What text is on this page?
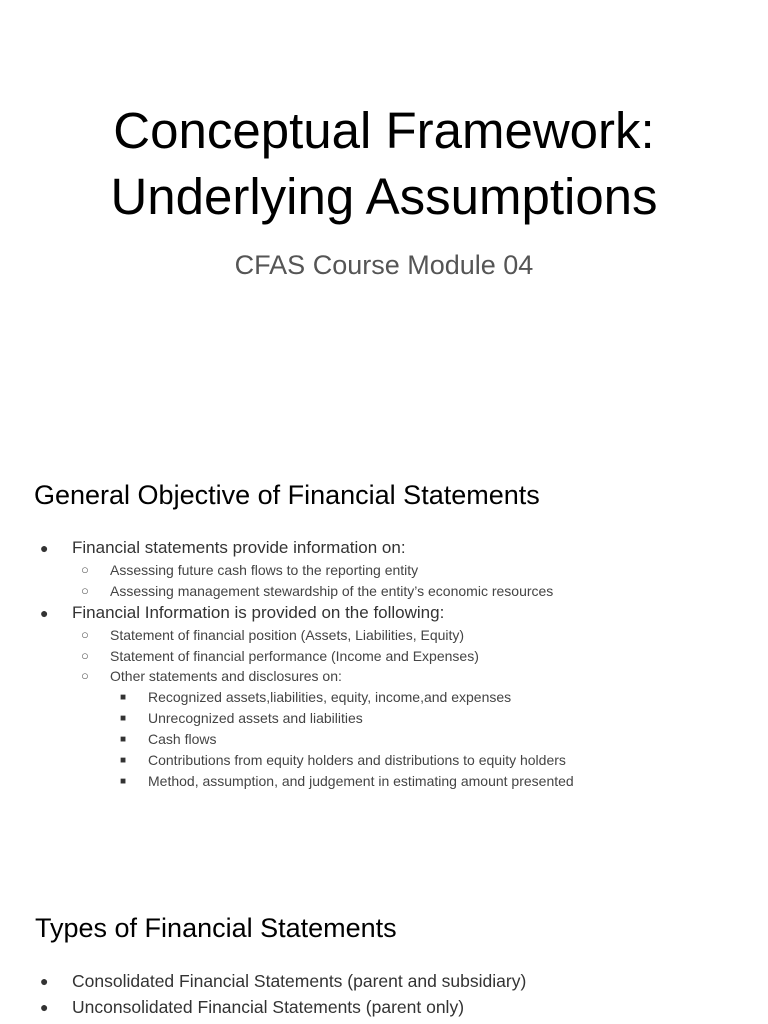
Conceptual Framework:
Underlying Assumptions
CFAS Course Module 04
General Objective of Financial Statements
● Financial statements provide information on:
○ Assessing future cash flows to the reporting entity
○ Assessing management stewardship of the entity’s economic resources
● Financial Information is provided on the following:
○ Statement of financial position (Assets, Liabilities, Equity)
○ Statement of financial performance (Income and Expenses)
○ Other statements and disclosures on:
■ Recognized assets,liabilities, equity, income,and expenses
■ Unrecognized assets and liabilities
■ Cash flows
■ Contributions from equity holders and distributions to equity holders
■ Method, assumption, and judgement in estimating amount presented
Types of Financial Statements
● Consolidated Financial Statements (parent and subsidiary)
● Unconsolidated Financial Statements (parent only)
